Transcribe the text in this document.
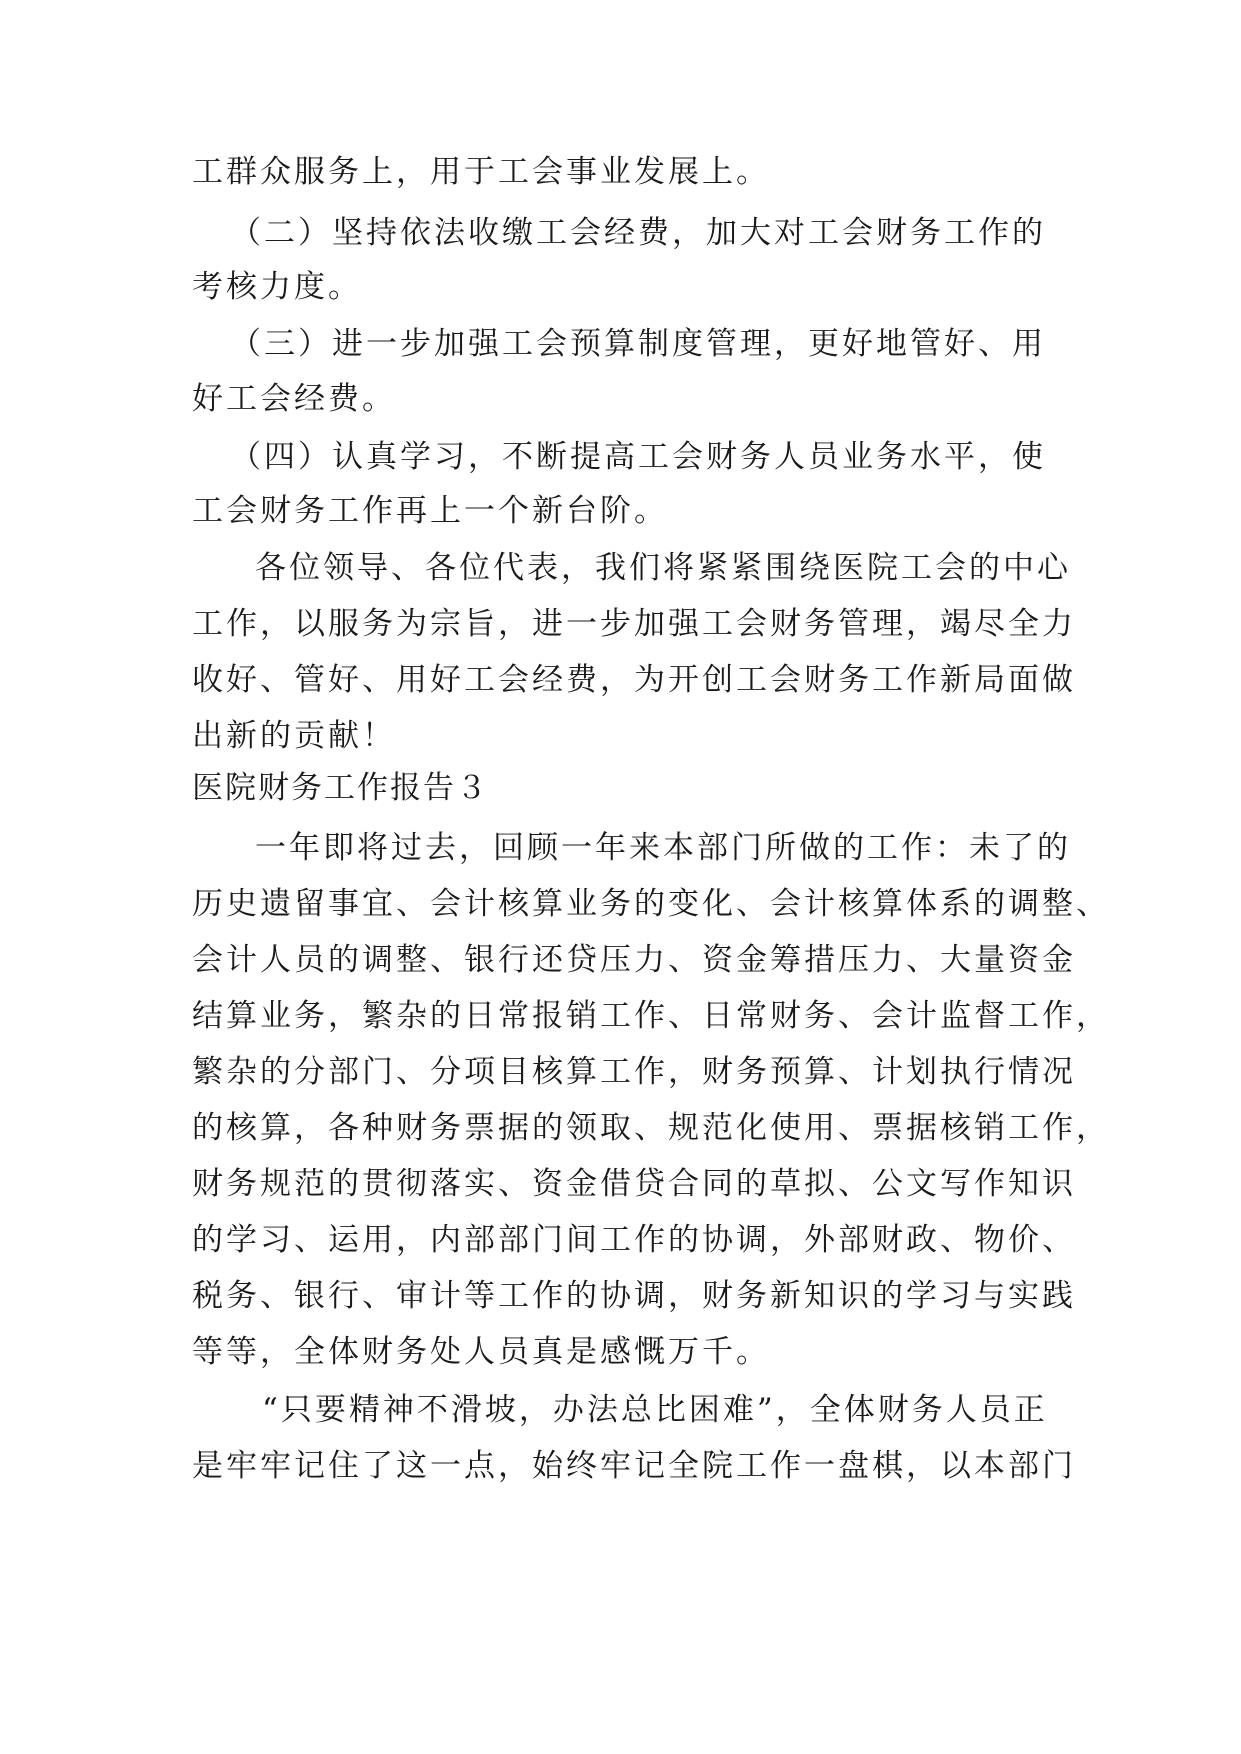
工群众服务上，用于工会事业发展上。
（二）坚持依法收缴工会经费，加大对工会财务工作的
考核力度。
（三）进一步加强工会预算制度管理，更好地管好、用
好工会经费。
（四）认真学习，不断提高工会财务人员业务水平，使
工会财务工作再上一个新台阶。
各位领导、各位代表，我们将紧紧围绕医院工会的中心
工作，以服务为宗旨，进一步加强工会财务管理，竭尽全力
收好、管好、用好工会经费，为开创工会财务工作新局面做
出新的贡献！
医院财务工作报告３
一年即将过去，回顾一年来本部门所做的工作：未了的
历史遗留事宜、会计核算业务的变化、会计核算体系的调整、
会计人员的调整、银行还贷压力、资金筹措压力、大量资金
结算业务，繁杂的日常报销工作、日常财务、会计监督工作，
繁杂的分部门、分项目核算工作，财务预算、计划执行情况
的核算，各种财务票据的领取、规范化使用、票据核销工作，
财务规范的贯彻落实、资金借贷合同的草拟、公文写作知识
的学习、运用，内部部门间工作的协调，外部财政、物价、
税务、银行、审计等工作的协调，财务新知识的学习与实践
等等，全体财务处人员真是感慨万千。
“只要精神不滑坡，办法总比困难”，全体财务人员正
是牢牢记住了这一点，始终牢记全院工作一盘棋，以本部门
